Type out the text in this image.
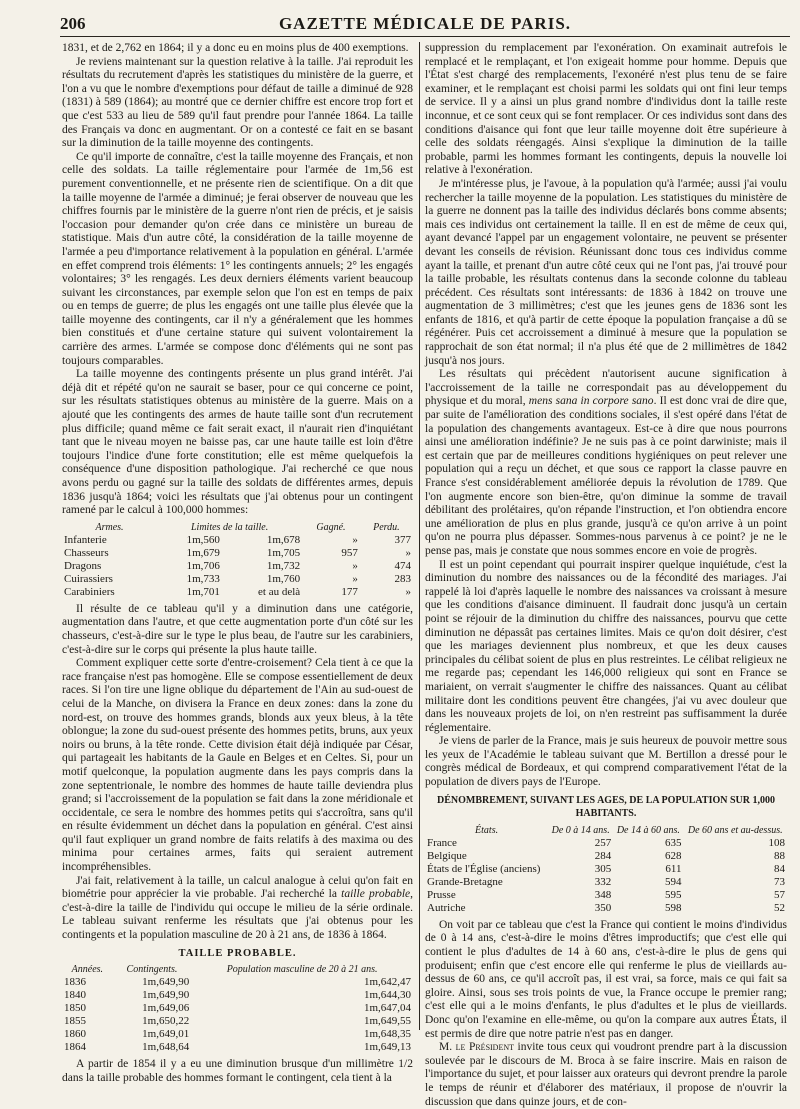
206	GAZETTE MÉDICALE DE PARIS.

1831, et de 2,762 en 1864; il y a donc eu en moins plus de 400 exemptions.

Je reviens maintenant sur la question relative à la taille. J'ai reproduit les résultats du recrutement d'après les statistiques du ministère de la guerre, et l'on a vu que le nombre d'exemptions pour défaut de taille a diminué de 928 (1831) à 589 (1864); au montré que ce dernier chiffre est encore trop fort et que c'est 533 au lieu de 589 qu'il faut prendre pour l'année 1864. La taille des Français va donc en augmentant. Or on a contesté ce fait en se basant sur la diminution de la taille moyenne des contingents.

Ce qu'il importe de connaître, c'est la taille moyenne des Français, et non celle des soldats. La taille réglementaire pour l'armée de 1m,56 est purement conventionnelle, et ne présente rien de scientifique. On a dit que la taille moyenne de l'armée a diminué; je ferai observer de nouveau que les chiffres fournis par le ministère de la guerre n'ont rien de précis, et je saisis l'occasion pour demander qu'on crée dans ce ministère un bureau de statistique. Mais d'un autre côté, la considération de la taille moyenne de l'armée a peu d'importance relativement à la population en général. L'armée en effet comprend trois éléments: 1° les contingents annuels; 2° les engagés volontaires; 3° les rengagés. Les deux derniers éléments varient beaucoup suivant les circonstances, par exemple selon que l'on est en temps de paix ou en temps de guerre; de plus les engagés ont une taille plus élevée que la taille moyenne des contingents, car il n'y a généralement que les hommes bien constitués et d'une certaine stature qui suivent volontairement la carrière des armes. L'armée se compose donc d'éléments qui ne sont pas toujours comparables.

La taille moyenne des contingents présente un plus grand intérêt. J'ai déjà dit et répété qu'on ne saurait se baser, pour ce qui concerne ce point, sur les résultats statistiques obtenus au ministère de la guerre. Mais on a ajouté que les contingents des armes de haute taille sont d'un recrutement plus difficile; quand même ce fait serait exact, il n'aurait rien d'inquiétant tant que le niveau moyen ne baisse pas, car une haute taille est loin d'être toujours l'indice d'une forte constitution; elle est même quelquefois la conséquence d'une disposition pathologique. J'ai recherché ce que nous avons perdu ou gagné sur la taille des soldats de différentes armes, depuis 1836 jusqu'à 1864; voici les résultats que j'ai obtenus pour un contingent ramené par le calcul à 100,000 hommes:

Armes.	Limites de la taille.		Gagné.	Perdu.
Infanterie	1m,560	1m,678	»	377
Chasseurs	1m,679	1m,705	957	»
Dragons	1m,706	1m,732	»	474
Cuirassiers	1m,733	1m,760	»	283
Carabiniers	1m,701	et au delà	177	»

Il résulte de ce tableau qu'il y a diminution dans une catégorie, augmentation dans l'autre, et que cette augmentation porte d'un côté sur les chasseurs, c'est-à-dire sur le type le plus beau, de l'autre sur les carabiniers, c'est-à-dire sur le corps qui présente la plus haute taille.

Comment expliquer cette sorte d'entre-croisement? Cela tient à ce que la race française n'est pas homogène. Elle se compose essentiellement de deux races. Si l'on tire une ligne oblique du département de l'Ain au sud-ouest de celui de la Manche, on divisera la France en deux zones: dans la zone du nord-est, on trouve des hommes grands, blonds aux yeux bleus, à la tête oblongue; la zone du sud-ouest présente des hommes petits, bruns, aux yeux noirs ou bruns, à la tête ronde. Cette division était déjà indiquée par César, qui partageait les habitants de la Gaule en Belges et en Celtes. Si, pour un motif quelconque, la population augmente dans les pays compris dans la zone septentrionale, le nombre des hommes de haute taille deviendra plus grand; si l'accroissement de la population se fait dans la zone méridionale et occidentale, ce sera le nombre des hommes petits qui s'accroîtra, sans qu'il en résulte évidemment un déchet dans la population en général. C'est ainsi qu'il faut expliquer un grand nombre de faits relatifs à des maxima ou des minima pour certaines armes, faits qui seraient autrement incompréhensibles.

J'ai fait, relativement à la taille, un calcul analogue à celui qu'on fait en biométrie pour apprécier la vie probable. J'ai recherché la taille probable, c'est-à-dire la taille de l'individu qui occupe le milieu de la série ordinale. Le tableau suivant renferme les résultats que j'ai obtenus pour les contingents et la population masculine de 20 à 21 ans, de 1836 à 1864.

TAILLE PROBABLE.
Années.	Contingents.	Population masculine de 20 à 21 ans.
1836	1m,649,90	1m,642,47
1840	1m,649,90	1m,644,30
1850	1m,649,06	1m,647,04
1855	1m,650,22	1m,649,55
1860	1m,649,01	1m,648,35
1864	1m,648,64	1m,649,13

A partir de 1854 il y a eu une diminution brusque d'un millimètre 1/2 dans la taille probable des hommes formant le contingent, cela tient à la

suppression du remplacement par l'exonération. On examinait autrefois le remplacé et le remplaçant, et l'on exigeait homme pour homme. Depuis que l'État s'est chargé des remplacements, l'exonéré n'est plus tenu de se faire examiner, et le remplaçant est choisi parmi les soldats qui ont fini leur temps de service. Il y a ainsi un plus grand nombre d'individus dont la taille reste inconnue, et ce sont ceux qui se font remplacer. Or ces individus sont dans des conditions d'aisance qui font que leur taille moyenne doit être supérieure à celle des soldats réengagés. Ainsi s'explique la diminution de la taille probable, parmi les hommes formant les contingents, depuis la nouvelle loi relative à l'exonération.

Je m'intéresse plus, je l'avoue, à la population qu'à l'armée; aussi j'ai voulu rechercher la taille moyenne de la population. Les statistiques du ministère de la guerre ne donnent pas la taille des individus déclarés bons comme absents; mais ces individus ont certainement la taille. Il en est de même de ceux qui, ayant devancé l'appel par un engagement volontaire, ne peuvent se présenter devant les conseils de révision. Réunissant donc tous ces individus comme ayant la taille, et prenant d'un autre côté ceux qui ne l'ont pas, j'ai trouvé pour la taille probable, les résultats contenus dans la seconde colonne du tableau précédent. Ces résultats sont intéressants: de 1836 à 1842 on trouve une augmentation de 3 millimètres; c'est que les jeunes gens de 1836 sont les enfants de 1816, et qu'à partir de cette époque la population française a dû se régénérer. Puis cet accroissement a diminué à mesure que la population se rapprochait de son état normal; il n'a plus été que de 2 millimètres de 1842 jusqu'à nos jours.

Les résultats qui précèdent n'autorisent aucune signification à l'accroissement de la taille ne correspondait pas au développement du physique et du moral, mens sana in corpore sano. Il est donc vrai de dire que, par suite de l'amélioration des conditions sociales, il s'est opéré dans l'état de la population des changements avantageux. Est-ce à dire que nous pourrons ainsi une amélioration indéfinie? Je ne suis pas à ce point darwiniste; mais il est certain que par de meilleures conditions hygiéniques on peut relever une population qui a reçu un déchet, et que sous ce rapport la classe pauvre en France s'est considérablement améliorée depuis la révolution de 1789. Que l'on augmente encore son bien-être, qu'on diminue la somme de travail débilitant des prolétaires, qu'on répande l'instruction, et l'on obtiendra encore une amélioration de plus en plus grande, jusqu'à ce qu'on arrive à un point qu'on ne pourra plus dépasser. Sommes-nous parvenus à ce point? je ne le pense pas, mais je constate que nous sommes encore en voie de progrès.

Il est un point cependant qui pourrait inspirer quelque inquiétude, c'est la diminution du nombre des naissances ou de la fécondité des mariages. J'ai rappelé là loi d'après laquelle le nombre des naissances va croissant à mesure que les conditions d'aisance diminuent. Il faudrait donc jusqu'à un certain point se réjouir de la diminution du chiffre des naissances, pourvu que cette diminution ne dépassât pas certaines limites. Mais ce qu'on doit désirer, c'est que les mariages deviennent plus nombreux, et que les deux causes principales du célibat soient de plus en plus restreintes. Le célibat religieux ne me regarde pas; cependant les 146,000 religieux qui sont en France se mariaient, on verrait s'augmenter le chiffre des naissances. Quant au célibat militaire dont les conditions peuvent être changées, j'ai vu avec douleur que dans les nouveaux projets de loi, on n'en restreint pas suffisamment la durée réglementaire.

Je viens de parler de la France, mais je suis heureux de pouvoir mettre sous les yeux de l'Académie le tableau suivant que M. Bertillon a dressé pour le congrès médical de Bordeaux, et qui comprend comparativement l'état de la population de divers pays de l'Europe.

DÉNOMBREMENT, SUIVANT LES AGES, DE LA POPULATION SUR 1,000 HABITANTS.
États.	De 0 à 14 ans.	De 14 à 60 ans.	De 60 ans et au-dessus.
France	257	635	108
Belgique	284	628	88
États de l'Église (anciens)	305	611	84
Grande-Bretagne	332	594	73
Prusse	348	595	57
Autriche	350	598	52

On voit par ce tableau que c'est la France qui contient le moins d'individus de 0 à 14 ans, c'est-à-dire le moins d'êtres improductifs; que c'est elle qui contient le plus d'adultes de 14 à 60 ans, c'est-à-dire le plus de gens qui produisent; enfin que c'est encore elle qui renferme le plus de vieillards au-dessus de 60 ans, ce qu'il accroît pas, il est vrai, sa force, mais ce qui fait sa gloire. Ainsi, sous ses trois points de vue, la France occupe le premier rang; c'est elle qui a le moins d'enfants, le plus d'adultes et le plus de vieillards. Donc qu'on l'examine en elle-même, ou qu'on la compare aux autres États, il est permis de dire que notre patrie n'est pas en danger.

M. le Président invite tous ceux qui voudront prendre part à la discussion soulevée par le discours de M. Broca à se faire inscrire. Mais en raison de l'importance du sujet, et pour laisser aux orateurs qui devront prendre la parole le temps de réunir et d'élaborer des matériaux, il propose de n'ouvrir la discussion que dans quinze jours, et de con-
